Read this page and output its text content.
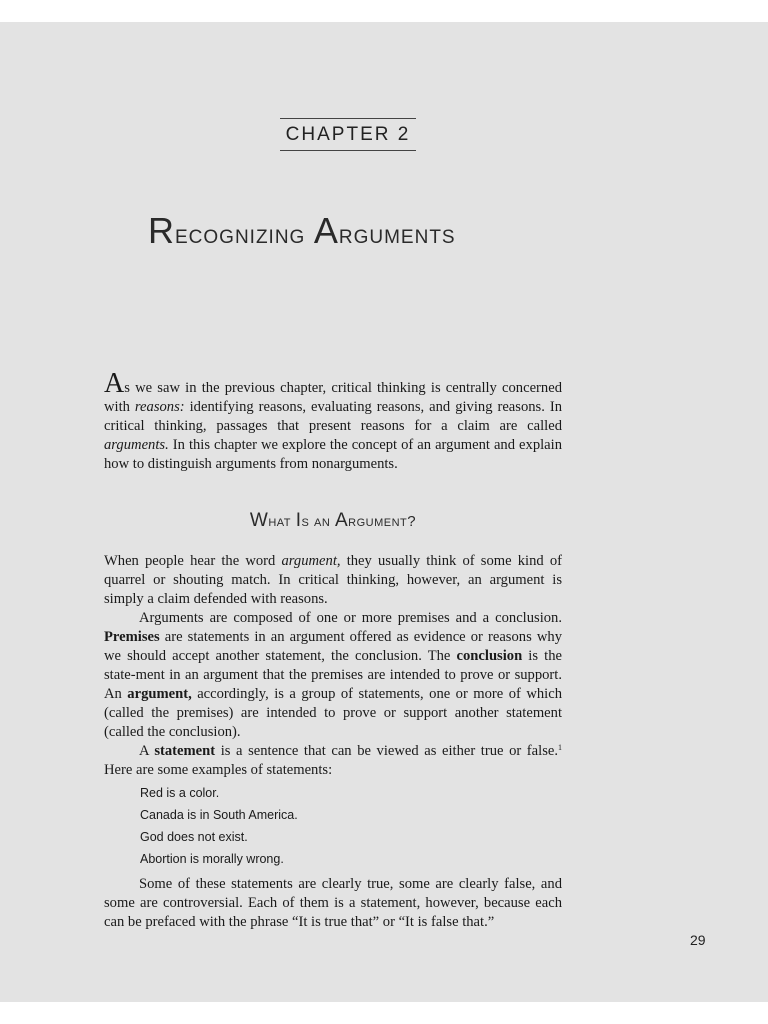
CHAPTER 2
Recognizing Arguments

As we saw in the previous chapter, critical thinking is centrally concerned with reasons: identifying reasons, evaluating reasons, and giving reasons. In critical thinking, passages that present reasons for a claim are called arguments. In this chapter we explore the concept of an argument and explain how to distinguish arguments from nonarguments.

What Is an Argument?

When people hear the word argument, they usually think of some kind of quarrel or shouting match. In critical thinking, however, an argument is simply a claim defended with reasons.

Arguments are composed of one or more premises and a conclusion. Premises are statements in an argument offered as evidence or reasons why we should accept another statement, the conclusion. The conclusion is the state-ment in an argument that the premises are intended to prove or support. An argument, accordingly, is a group of statements, one or more of which (called the premises) are intended to prove or support another statement (called the conclusion).

A statement is a sentence that can be viewed as either true or false.$^1$ Here are some examples of statements:

Red is a color.
Canada is in South America.
God does not exist.
Abortion is morally wrong.

Some of these statements are clearly true, some are clearly false, and some are controversial. Each of them is a statement, however, because each can be prefaced with the phrase “It is true that” or “It is false that.”

29
